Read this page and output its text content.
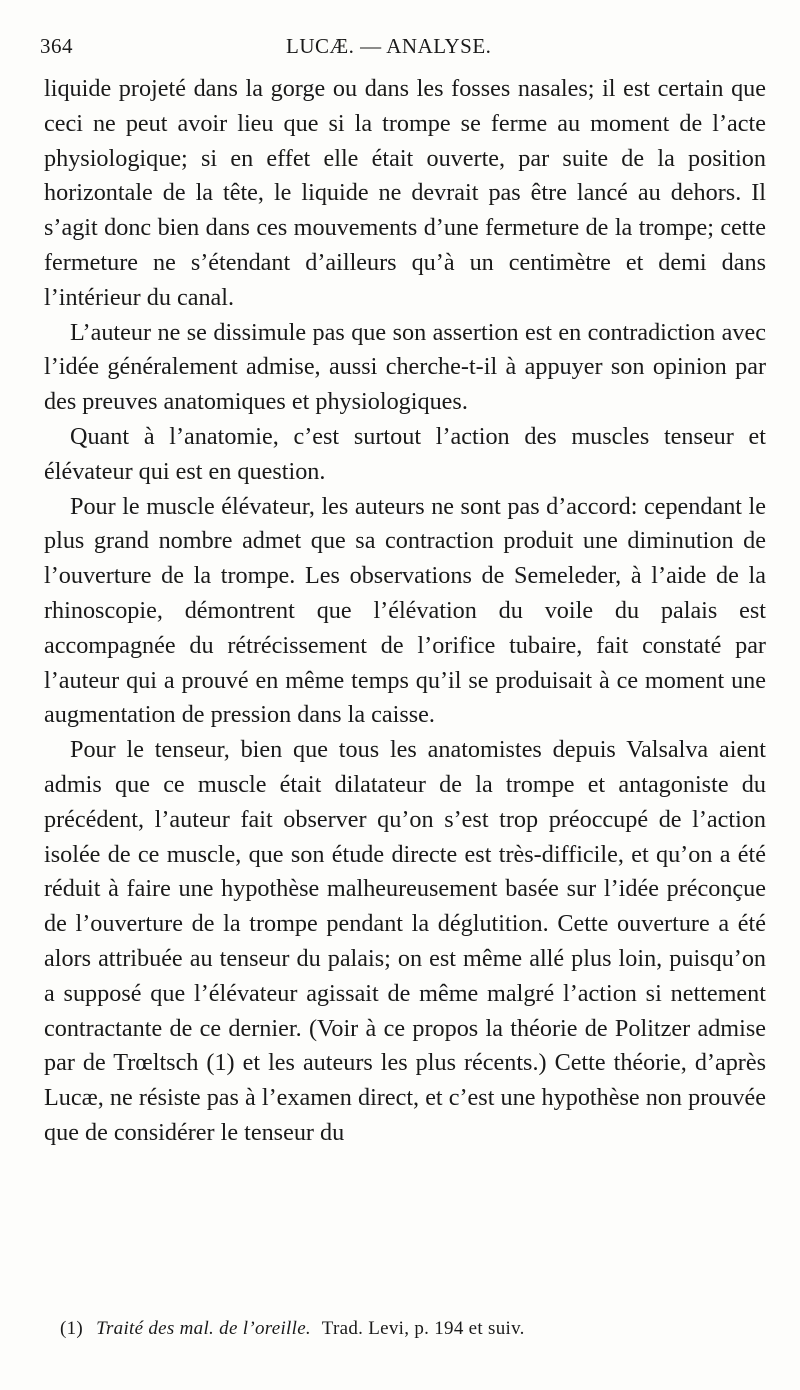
364	LUCÆ. — ANALYSE.

liquide projeté dans la gorge ou dans les fosses nasales; il est certain que ceci ne peut avoir lieu que si la trompe se ferme au moment de l’acte physiologique; si en effet elle était ouverte, par suite de la position horizontale de la tête, le liquide ne devrait pas être lancé au dehors. Il s’agit donc bien dans ces mouvements d’une fermeture de la trompe; cette fermeture ne s’étendant d’ailleurs qu’à un centimètre et demi dans l’intérieur du canal.

L’auteur ne se dissimule pas que son assertion est en contradiction avec l’idée généralement admise, aussi cherche-t-il à appuyer son opinion par des preuves anatomiques et physiologiques.

Quant à l’anatomie, c’est surtout l’action des muscles tenseur et élévateur qui est en question.

Pour le muscle élévateur, les auteurs ne sont pas d’accord: cependant le plus grand nombre admet que sa contraction produit une diminution de l’ouverture de la trompe. Les observations de Semeleder, à l’aide de la rhinoscopie, démontrent que l’élévation du voile du palais est accompagnée du rétrécissement de l’orifice tubaire, fait constaté par l’auteur qui a prouvé en même temps qu’il se produisait à ce moment une augmentation de pression dans la caisse.

Pour le tenseur, bien que tous les anatomistes depuis Valsalva aient admis que ce muscle était dilatateur de la trompe et antagoniste du précédent, l’auteur fait observer qu’on s’est trop préoccupé de l’action isolée de ce muscle, que son étude directe est très-difficile, et qu’on a été réduit à faire une hypothèse malheureusement basée sur l’idée préconçue de l’ouverture de la trompe pendant la déglutition. Cette ouverture a été alors attribuée au tenseur du palais; on est même allé plus loin, puisqu’on a supposé que l’élévateur agissait de même malgré l’action si nettement contractante de ce dernier. (Voir à ce propos la théorie de Politzer admise par de Trœltsch (1) et les auteurs les plus récents.) Cette théorie, d’après Lucæ, ne résiste pas à l’examen direct, et c’est une hypothèse non prouvée que de considérer le tenseur du

(1) Traité des mal. de l’oreille. Trad. Levi, p. 194 et suiv.
